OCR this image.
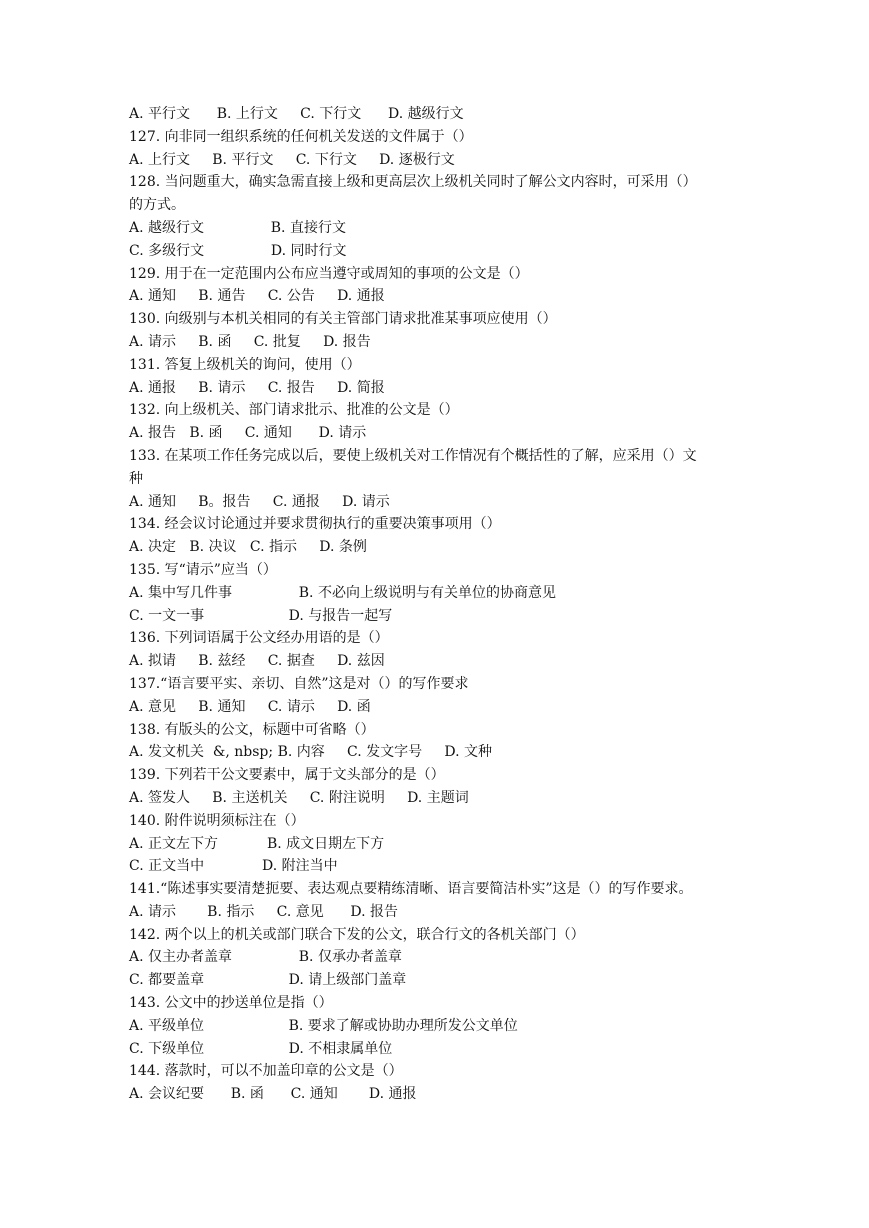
A. 平行文      B. 上行文     C. 下行文      D. 越级行文
127. 向非同一组织系统的任何机关发送的文件属于（）
A. 上行文     B. 平行文     C. 下行文     D. 逐极行文
128. 当问题重大，确实急需直接上级和更高层次上级机关同时了解公文内容时，可采用（）
的方式。
A. 越级行文               B. 直接行文
C. 多级行文               D. 同时行文
129. 用于在一定范围内公布应当遵守或周知的事项的公文是（）
A. 通知     B. 通告     C. 公告     D. 通报
130. 向级别与本机关相同的有关主管部门请求批准某事项应使用（）
A. 请示     B. 函     C. 批复     D. 报告
131. 答复上级机关的询问，使用（）
A. 通报     B. 请示     C. 报告     D. 简报
132. 向上级机关、部门请求批示、批准的公文是（）
A. 报告   B. 函     C. 通知      D. 请示
133. 在某项工作任务完成以后，要使上级机关对工作情况有个概括性的了解，应采用（）文
种
A. 通知     B。报告     C. 通报     D. 请示
134. 经会议讨论通过并要求贯彻执行的重要决策事项用（）
A. 决定   B. 决议   C. 指示     D. 条例
135. 写“请示”应当（）
A. 集中写几件事               B. 不必向上级说明与有关单位的协商意见
C. 一文一事                   D. 与报告一起写
136. 下列词语属于公文经办用语的是（）
A. 拟请     B. 兹经     C. 据查     D. 兹因
137.“语言要平实、亲切、自然”这是对（）的写作要求
A. 意见     B. 通知     C. 请示     D. 函
138. 有版头的公文，标题中可省略（）
A. 发文机关  &, nbsp; B. 内容     C. 发文字号     D. 文种
139. 下列若干公文要素中，属于文头部分的是（）
A. 签发人     B. 主送机关     C. 附注说明     D. 主题词
140. 附件说明须标注在（）
A. 正文左下方           B. 成文日期左下方
C. 正文当中             D. 附注当中
141.“陈述事实要清楚扼要、表达观点要精练清晰、语言要简洁朴实”这是（）的写作要求。
A. 请示       B. 指示     C. 意见      D. 报告
142. 两个以上的机关或部门联合下发的公文，联合行文的各机关部门（）
A. 仅主办者盖章               B. 仅承办者盖章
C. 都要盖章                   D. 请上级部门盖章
143. 公文中的抄送单位是指（）
A. 平级单位                   B. 要求了解或协助办理所发公文单位
C. 下级单位                   D. 不相隶属单位
144. 落款时，可以不加盖印章的公文是（）
A. 会议纪要      B. 函      C. 通知       D. 通报
